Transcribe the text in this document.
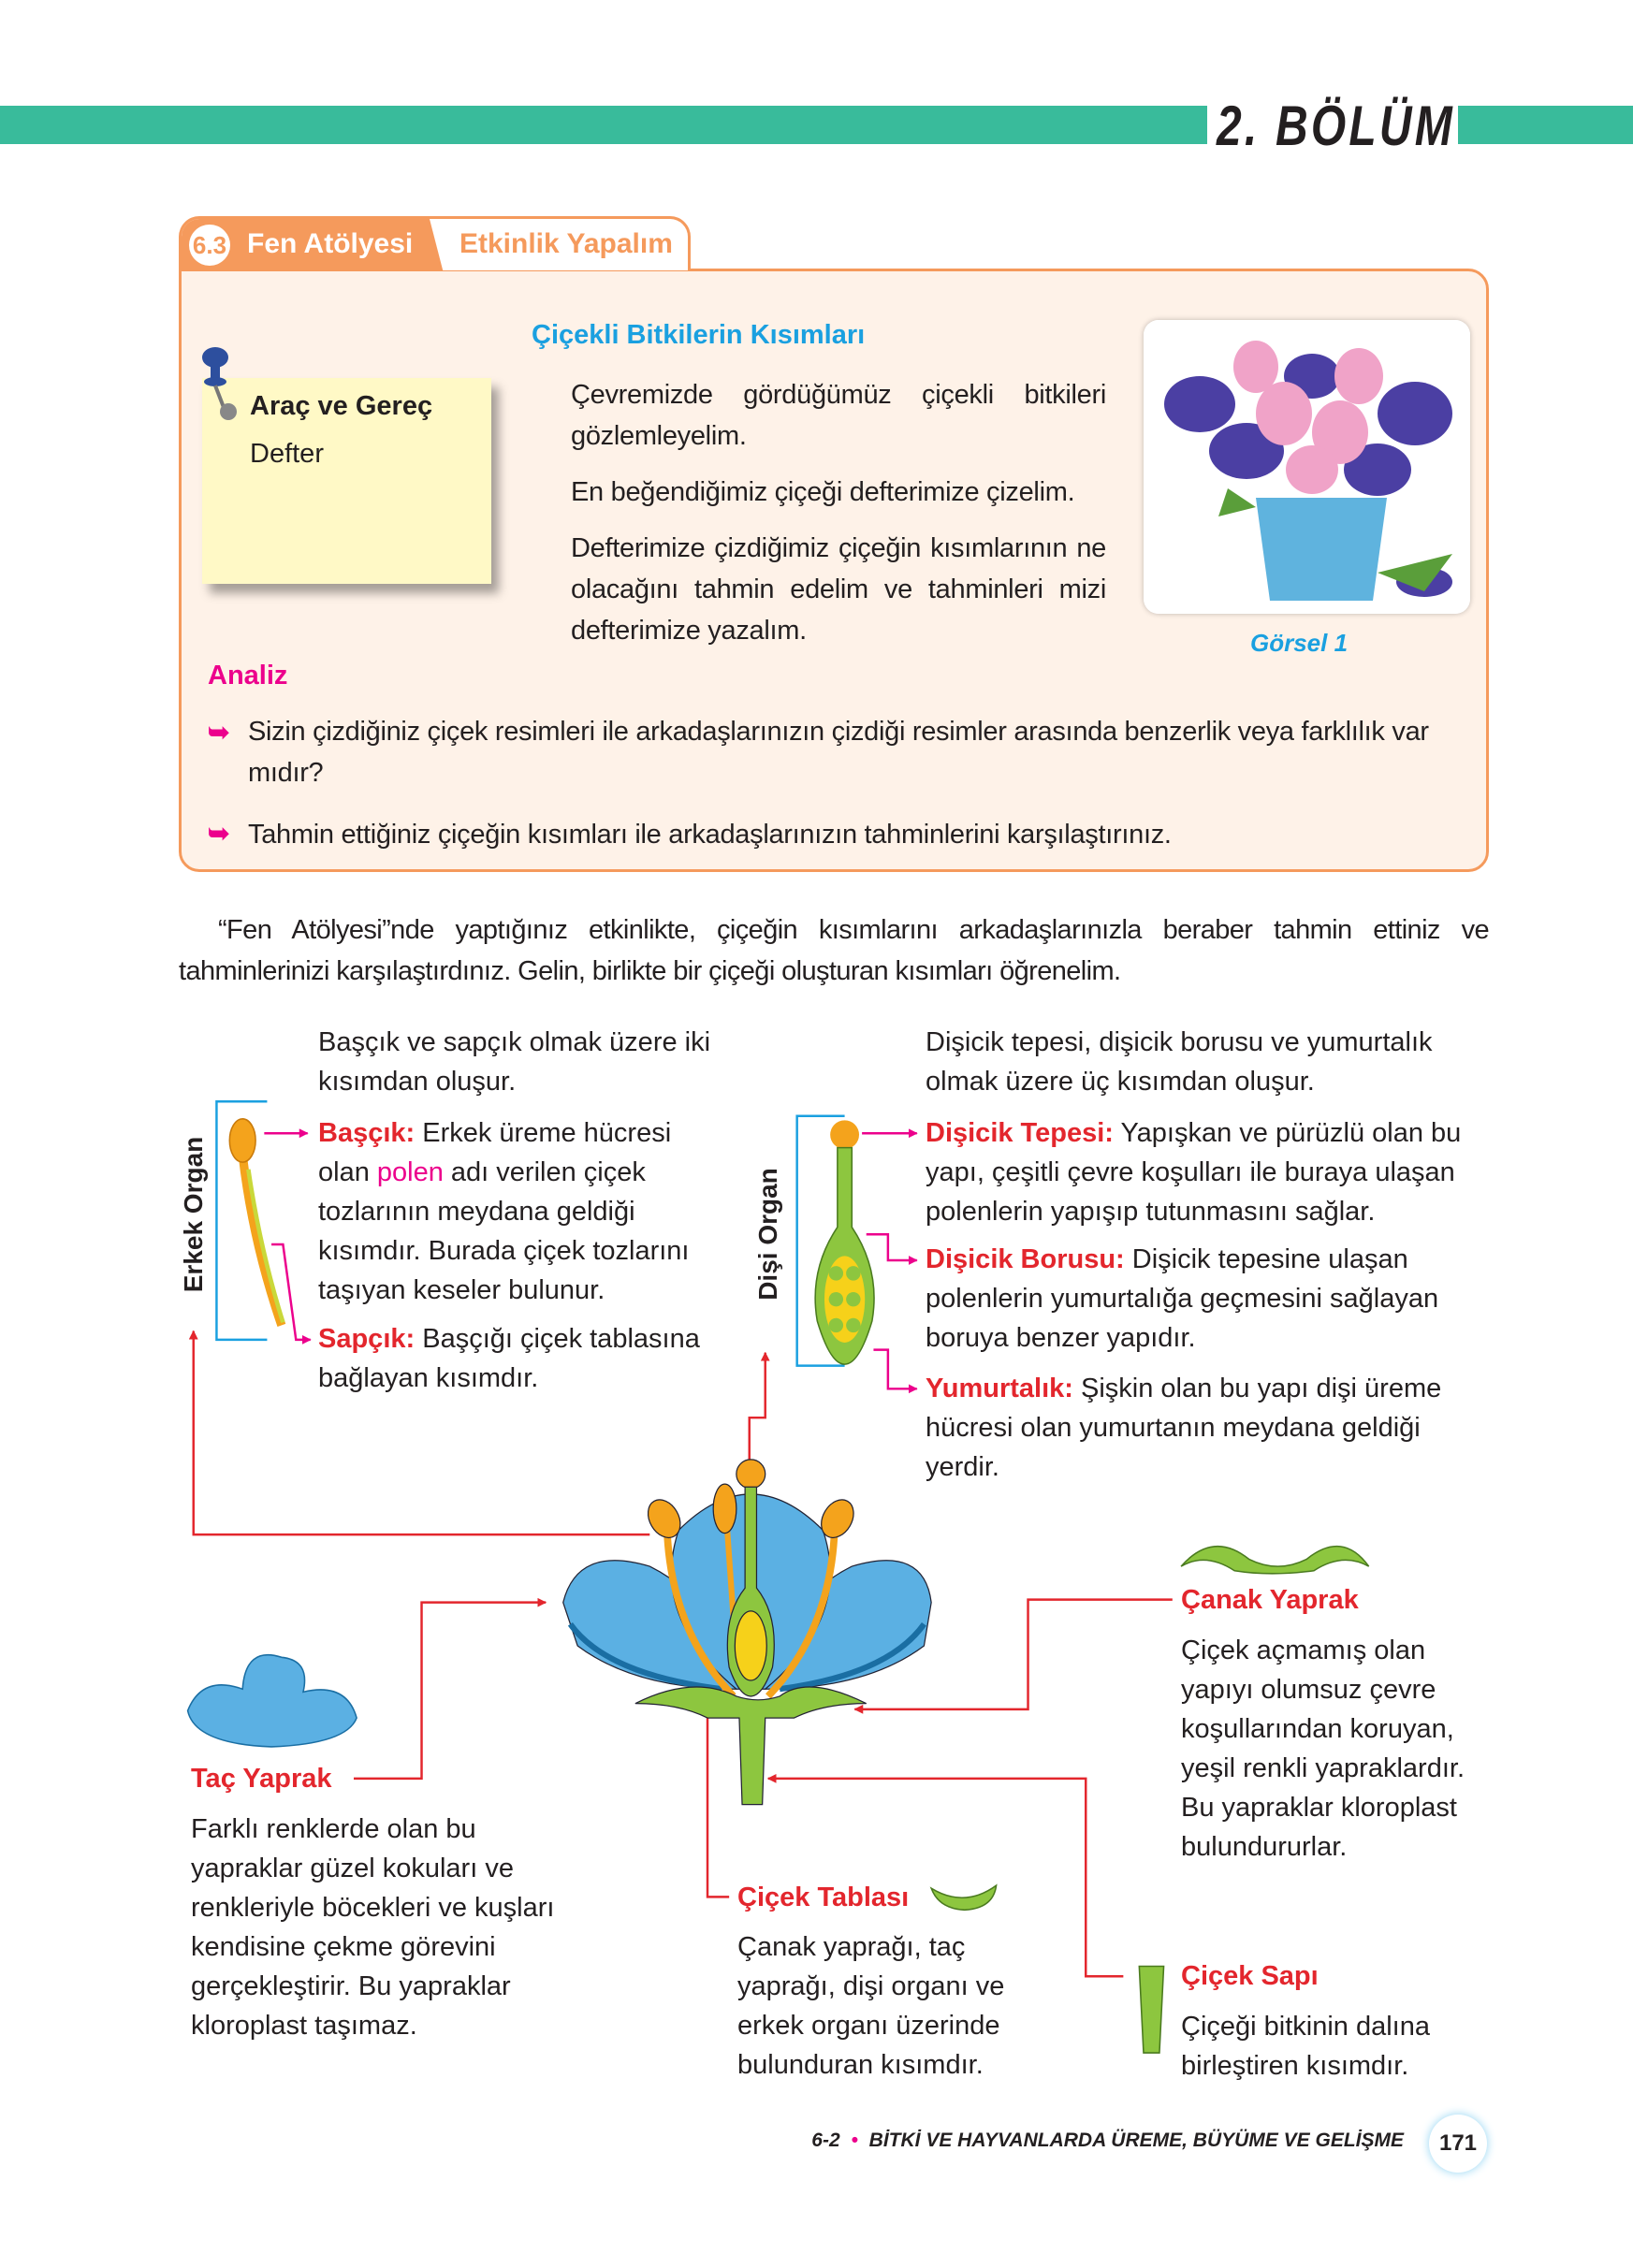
2. BÖLÜM
6.3 Fen Atölyesi Etkinlik Yapalım
Çiçekli Bitkilerin Kısımları
Araç ve Gereç
Defter

Çevremizde gördüğümüz çiçekli bitkileri gözlemleyelim.

En beğendiğimiz çiçeği defterimize çizelim.

Defterimize çizdiğimiz çiçeğin kısımlarının ne olacağını tahmin edelim ve tahminleri mizi defterimize yazalım.	Görsel 1
Analiz
➥ Sizin çizdiğiniz çiçek resimleri ile arkadaşlarınızın çizdiği resimler arasında benzerlik veya farklılık var mıdır?
➥ Tahmin ettiğiniz çiçeğin kısımları ile arkadaşlarınızın tahminlerini karşılaştırınız.
“Fen Atölyesi”nde yaptığınız etkinlikte, çiçeğin kısımlarını arkadaşlarınızla beraber tahmin ettiniz ve tahminlerinizi karşılaştırdınız. Gelin, birlikte bir çiçeği oluşturan kısımları öğrenelim.
Erkek Organ	Dişi Organ
Başçık ve sapçık olmak üzere iki
kısımdan oluşur.
Başçık: Erkek üreme hücresi
olan polen adı verilen çiçek
tozlarının meydana geldiği
kısımdır. Burada çiçek tozlarını
taşıyan keseler bulunur.
Sapçık: Başçığı çiçek tablasına
bağlayan kısımdır.
Dişicik tepesi, dişicik borusu ve yumurtalık
olmak üzere üç kısımdan oluşur.
Dişicik Tepesi: Yapışkan ve pürüzlü olan bu
yapı, çeşitli çevre koşulları ile buraya ulaşan
polenlerin yapışıp tutunmasını sağlar.
Dişicik Borusu: Dişicik tepesine ulaşan
polenlerin yumurtalığa geçmesini sağlayan
boruya benzer yapıdır.
Yumurtalık: Şişkin olan bu yapı dişi üreme
hücresi olan yumurtanın meydana geldiği
yerdir.
Çanak Yaprak
Çiçek açmamış olan
yapıyı olumsuz çevre
koşullarından koruyan,
yeşil renkli yapraklardır.
Bu yapraklar kloroplast
bulundururlar.
Taç Yaprak
Farklı renklerde olan bu
yapraklar güzel kokuları ve
renkleriyle böcekleri ve kuşları
kendisine çekme görevini
gerçekleştirir. Bu yapraklar
kloroplast taşımaz.
Çiçek Tablası
Çanak yaprağı, taç
yaprağı, dişi organı ve
erkek organı üzerinde
bulunduran kısımdır.
Çiçek Sapı
Çiçeği bitkinin dalına
birleştiren kısımdır.
6-2 • BİTKİ VE HAYVANLARDA ÜREME, BÜYÜME VE GELİŞME	171
